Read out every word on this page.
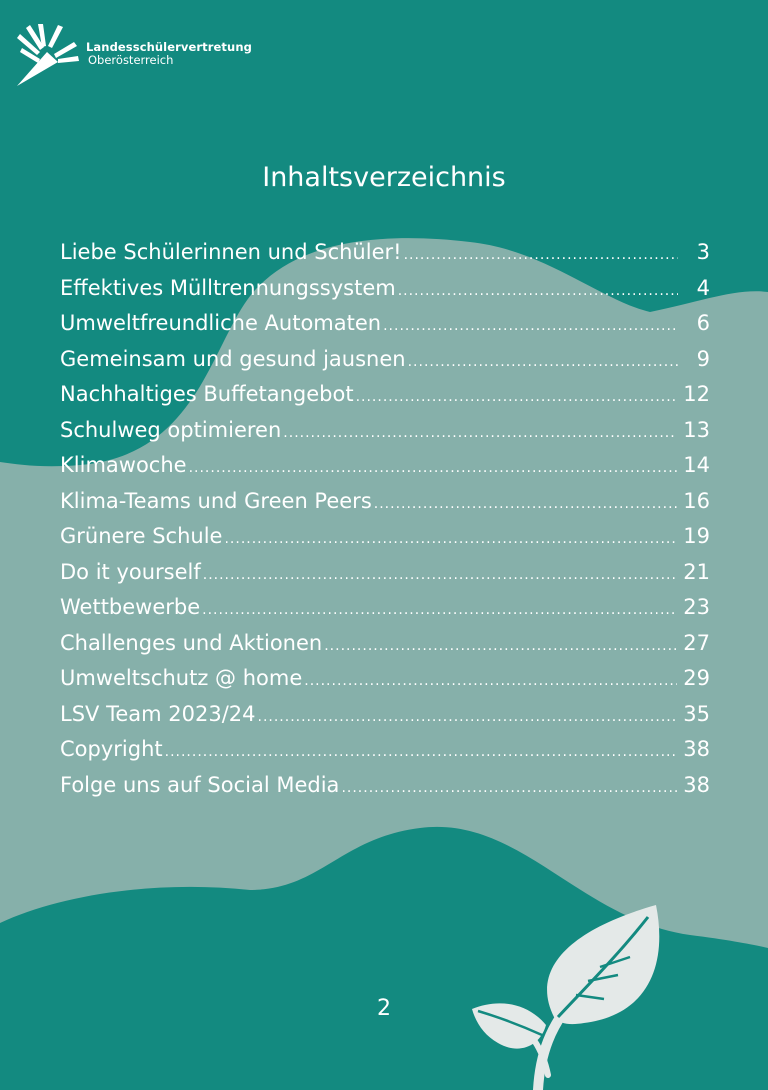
Landesschülervertretung
Oberösterreich
Inhaltsverzeichnis
Liebe Schülerinnen und Schüler! .....	3
Effektives Mülltrennungssystem .....	4
Umweltfreundliche Automaten .....	6
Gemeinsam und gesund jausnen .....	9
Nachhaltiges Buffetangebot .....	12
Schulweg optimieren .....	13
Klimawoche .....	14
Klima-Teams und Green Peers .....	16
Grünere Schule .....	19
Do it yourself .....	21
Wettbewerbe .....	23
Challenges und Aktionen .....	27
Umweltschutz @ home .....	29
LSV Team 2023/24 .....	35
Copyright .....	38
Folge uns auf Social Media .....	38
2
